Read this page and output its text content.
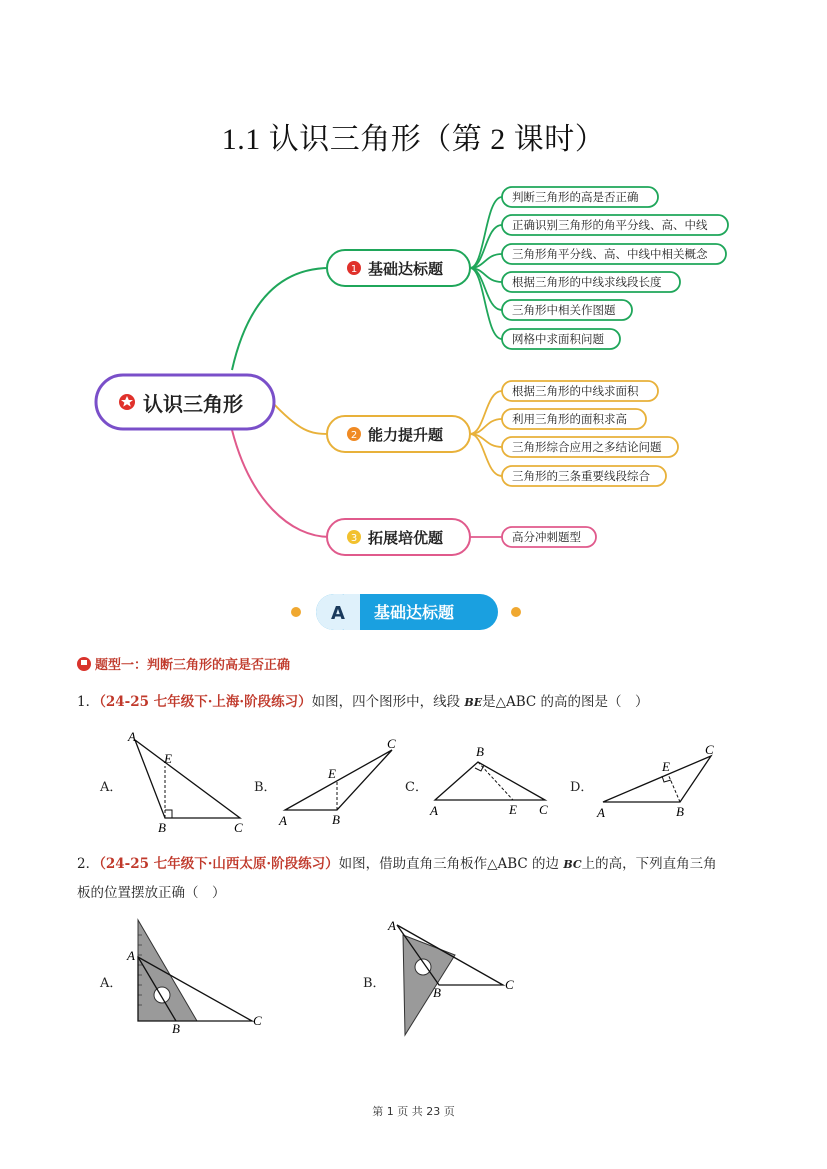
1.1 认识三角形（第 2 课时）
认识三角形
1 基础达标题
2 能力提升题
3 拓展培优题
判断三角形的高是否正确
正确识别三角形的角平分线、高、中线
三角形角平分线、高、中线中相关概念
根据三角形的中线求线段长度
三角形中相关作图题
网格中求面积问题
根据三角形的中线求面积
利用三角形的面积求高
三角形综合应用之多结论问题
三角形的三条重要线段综合
高分冲刺题型
A 基础达标题
题型一：判断三角形的高是否正确
1．（24-25 七年级下·上海·阶段练习）如图，四个图形中，线段 BE是△ABC 的高的图是（　）
A．	B．	C．	D．
A
E
B	C	A	B
E
C
B
A	E C	A	B
E
C
2．（24-25 七年级下·山西太原·阶段练习）如图，借助直角三角板作△ABC 的边 BC上的高，下列直角三角
板的位置摆放正确（　）
A．	B．
A
B
C
A
B
C
第 1 页 共 23 页
